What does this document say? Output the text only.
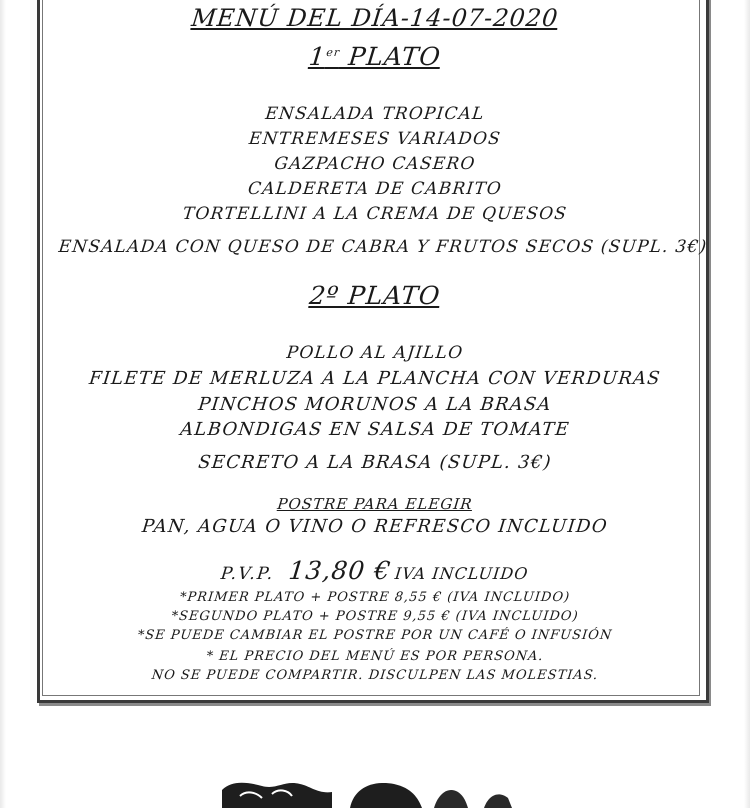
MENÚ DEL DÍA-14-07-2020
1er PLATO
ENSALADA TROPICAL
ENTREMESES VARIADOS
GAZPACHO CASERO
CALDERETA DE CABRITO
TORTELLINI A LA CREMA DE QUESOS
ENSALADA CON QUESO DE CABRA Y FRUTOS SECOS (SUPL. 3€)
2º PLATO
POLLO AL AJILLO
FILETE DE MERLUZA A LA PLANCHA CON VERDURAS
PINCHOS MORUNOS A LA BRASA
ALBONDIGAS EN SALSA DE TOMATE
SECRETO A LA BRASA (SUPL. 3€)
POSTRE PARA ELEGIR
PAN, AGUA O VINO O REFRESCO INCLUIDO
P.V.P. 13,80 €IVA INCLUIDO
*PRIMER PLATO + POSTRE 8,55 € (IVA INCLUIDO)
*SEGUNDO PLATO + POSTRE 9,55 € (IVA INCLUIDO)
*SE PUEDE CAMBIAR EL POSTRE POR UN CAFÉ O INFUSIÓN
* EL PRECIO DEL MENÚ ES POR PERSONA.
NO SE PUEDE COMPARTIR. DISCULPEN LAS MOLESTIAS.
